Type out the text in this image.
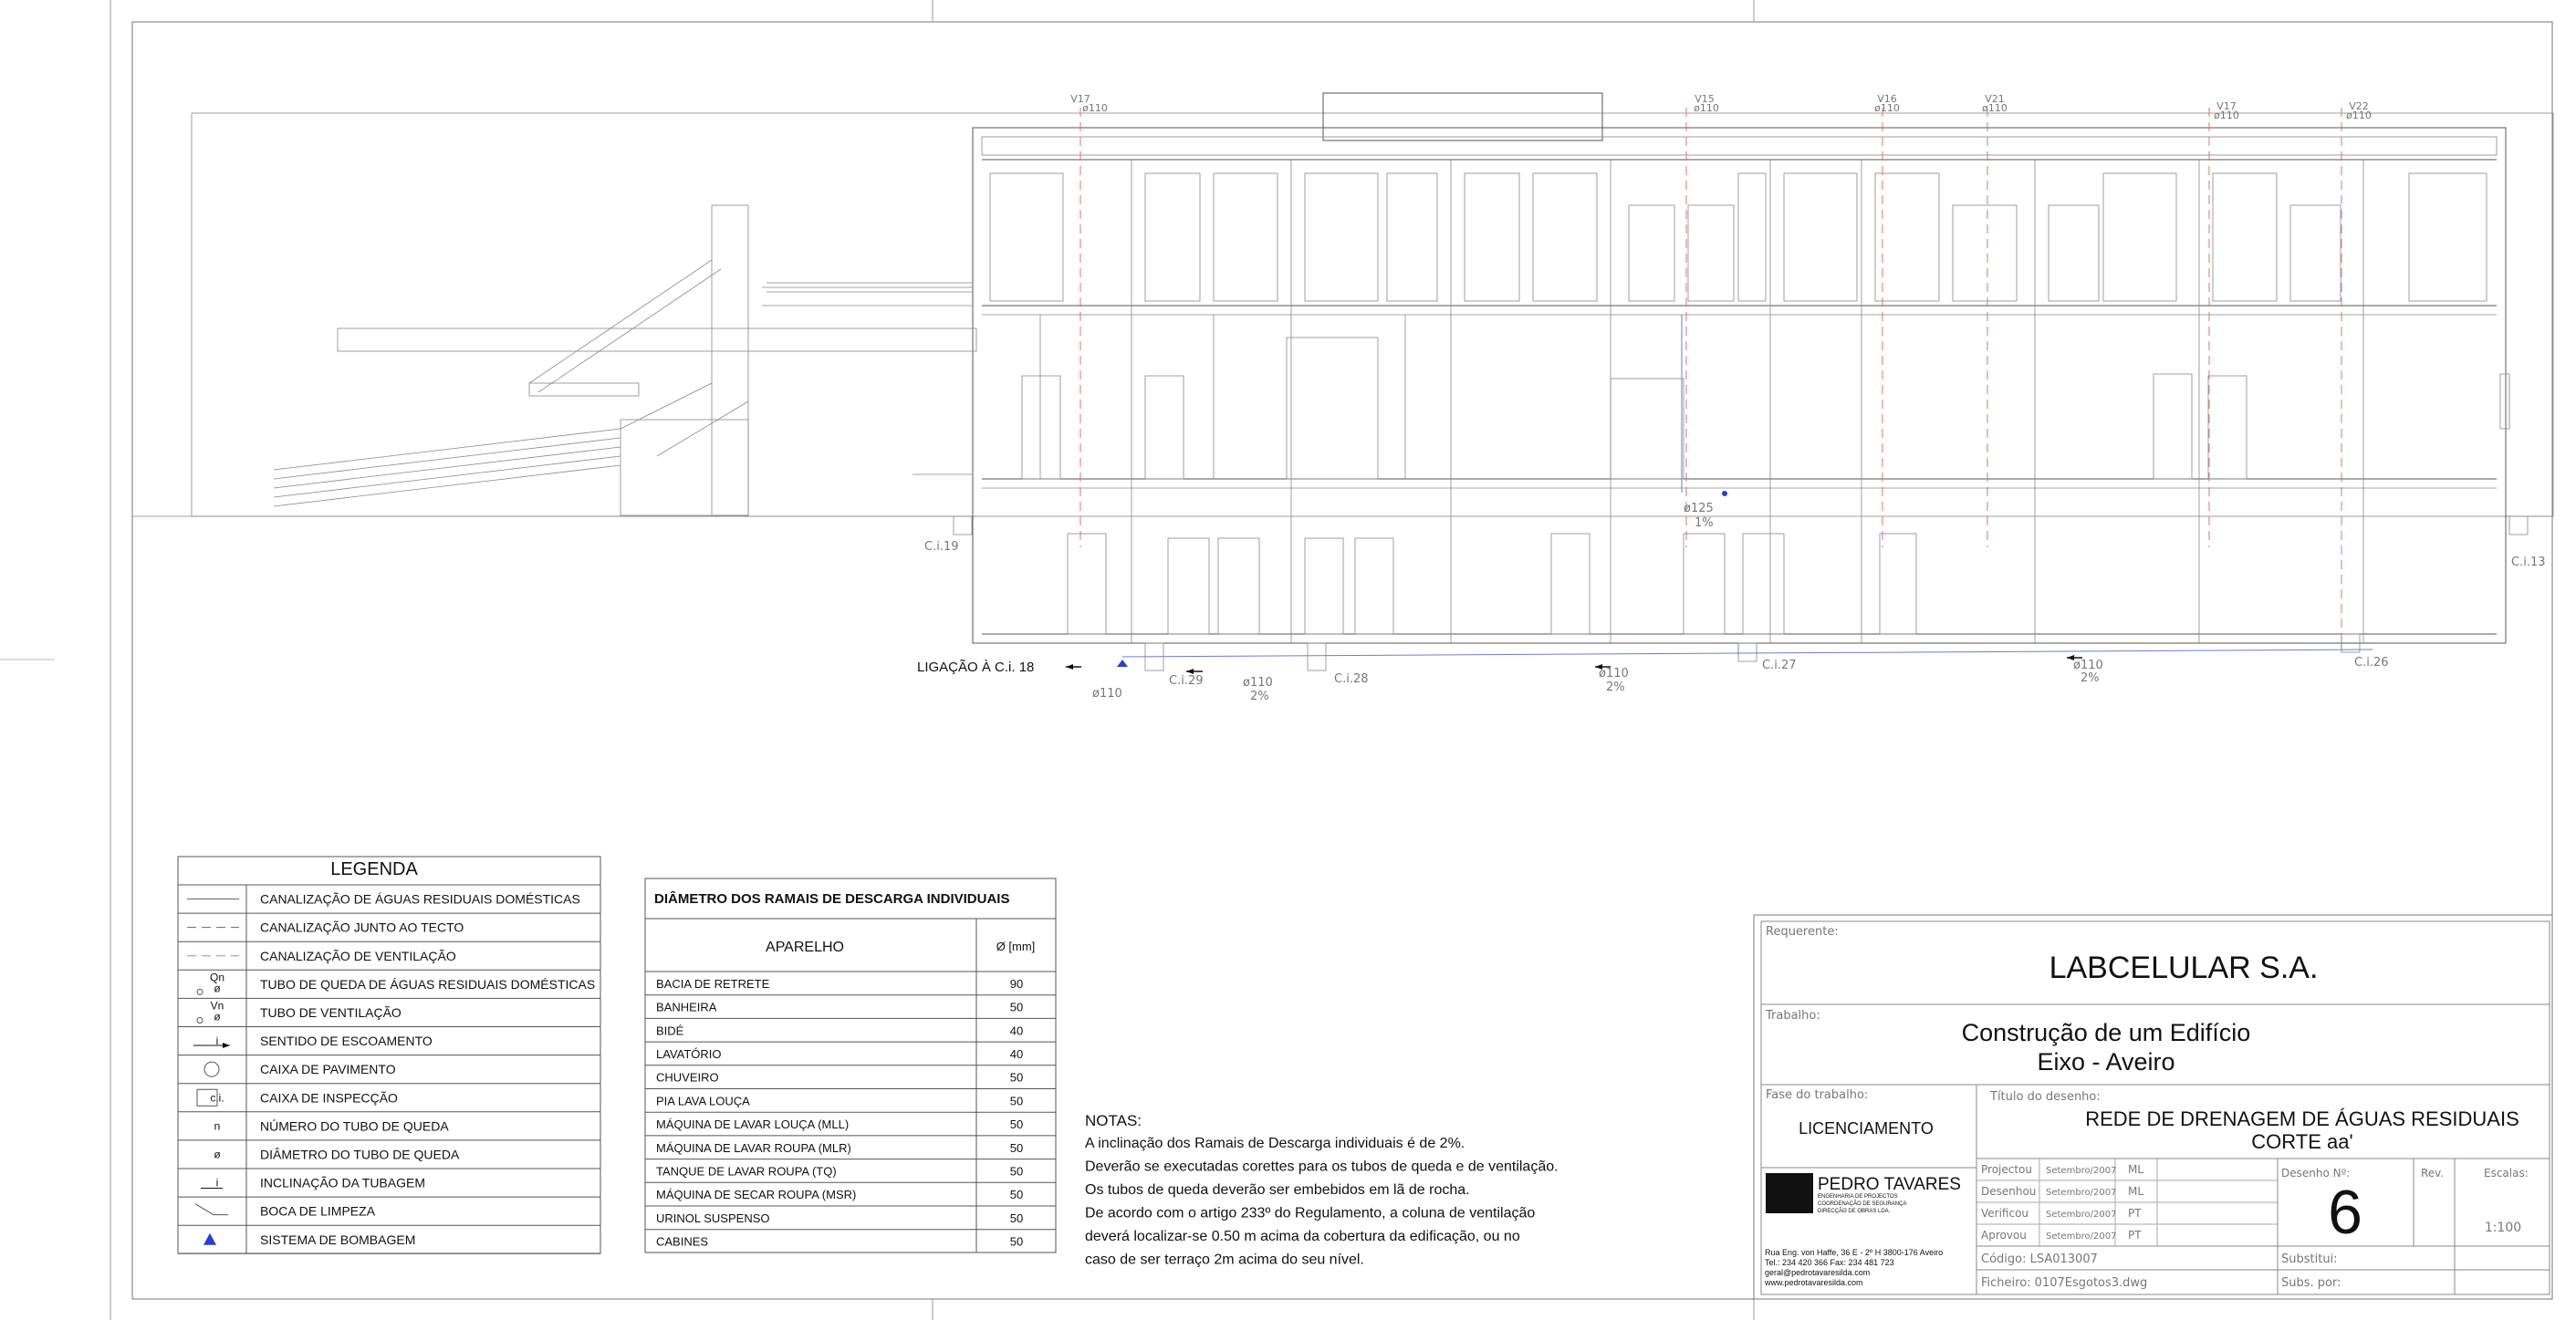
V17
ø110
V15
ø110
V16
ø110
V21
ø110	V17
ø110
V22
ø110
LIGAÇÃO À C.i. 18
C.i.19
C.i.13
C.i.29	C.i.28
C.i.27	C.i.26
ø110
ø110
2%
ø110
2%
ø110
2%
ø125
1%
LEGENDA
CANALIZAÇÃO DE ÁGUAS RESIDUAIS DOMÉSTICAS
CANALIZAÇÃO JUNTO AO TECTO
CANALIZAÇÃO DE VENTILAÇÃO
Qn
ø	TUBO DE QUEDA DE ÁGUAS RESIDUAIS DOMÉSTICAS
Vn
ø	TUBO DE VENTILAÇÃO
i	SENTIDO DE ESCOAMENTO
CAIXA DE PAVIMENTO
c.i.	CAIXA DE INSPECÇÃO
n	NÚMERO DO TUBO DE QUEDA
ø	DIÂMETRO DO TUBO DE QUEDA
i	INCLINAÇÃO DA TUBAGEM
BOCA DE LIMPEZA
SISTEMA DE BOMBAGEM
DIÂMETRO DOS RAMAIS DE DESCARGA INDIVIDUAIS
APARELHO	Ø [mm]
BACIA DE RETRETE	90
BANHEIRA	50
BIDÉ	40
LAVATÓRIO	40
CHUVEIRO	50
PIA LAVA LOUÇA	50
MÁQUINA DE LAVAR LOUÇA (MLL)	50
MÁQUINA DE LAVAR ROUPA (MLR)	50
TANQUE DE LAVAR ROUPA (TQ)	50
MÁQUINA DE SECAR ROUPA (MSR)	50
URINOL SUSPENSO	50
CABINES	50
NOTAS:
A inclinação dos Ramais de Descarga individuais é de 2%.
Deverão se executadas corettes para os tubos de queda e de ventilação.
Os tubos de queda deverão ser embebidos em lã de rocha.
De acordo com o artigo 233º do Regulamento, a coluna de ventilação
deverá localizar-se 0.50 m acima da cobertura da edificação, ou no
caso de ser terraço 2m acima do seu nível.
Requerente:
LABCELULAR S.A.
Trabalho:
Construção de um Edifício
Eixo - Aveiro
Fase do trabalho:
LICENCIAMENTO
Título do desenho:
REDE DE DRENAGEM DE ÁGUAS RESIDUAIS
CORTE aa'
PEDRO TAVARES
ENGENHARIA DE PROJECTOS
COORDENAÇÃO DE SEGURANÇA
DIRECÇÃO DE OBRAS LDA.
Rua Eng. von Haffe, 36 E - 2º H 3800-176 Aveiro
Tel.: 234 420 366 Fax: 234 481 723
geral@pedrotavaresilda.com
www.pedrotavaresilda.com
Projectou Setembro/2007 ML
Desenhou Setembro/2007 ML
Verificou Setembro/2007 PT
Aprovou Setembro/2007 PT
Desenho Nº:
6
Rev.	Escalas:
1:100
Código: LSA013007
Ficheiro: 0107Esgotos3.dwg
Substitui:
Subs. por:
